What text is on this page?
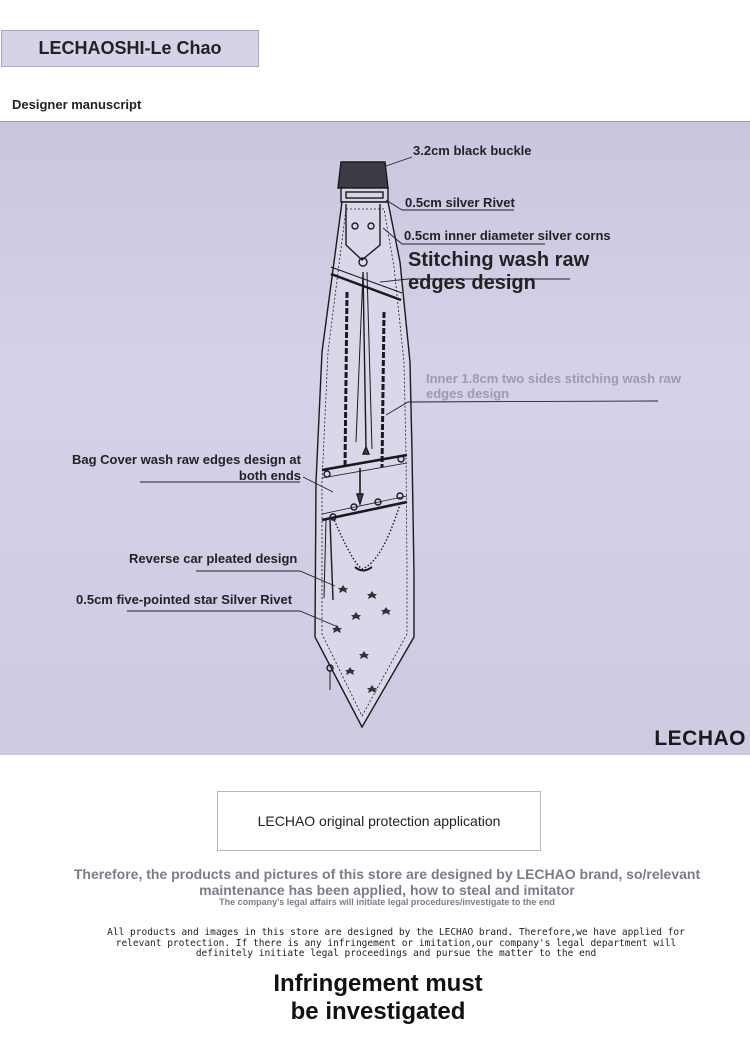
LECHAOSHI-Le Chao
Designer manuscript
3.2cm black buckle
0.5cm silver Rivet
0.5cm inner diameter silver corns
Stitching wash raw
edges design
Inner 1.8cm two sides stitching wash raw
edges design
Bag Cover wash raw edges design at
both ends
Reverse car pleated design
0.5cm five-pointed star Silver Rivet
LECHAO
LECHAO original protection application
Therefore, the products and pictures of this store are designed by LECHAO brand, so/relevant
maintenance has been applied, how to steal and imitator
The company's legal affairs will initiate legal procedures/investigate to the end
All products and images in this store are designed by the LECHAO brand. Therefore,we have applied for
relevant protection. If there is any infringement or imitation,our company's legal department will
definitely initiate legal proceedings and pursue the matter to the end
Infringement must
be investigated
